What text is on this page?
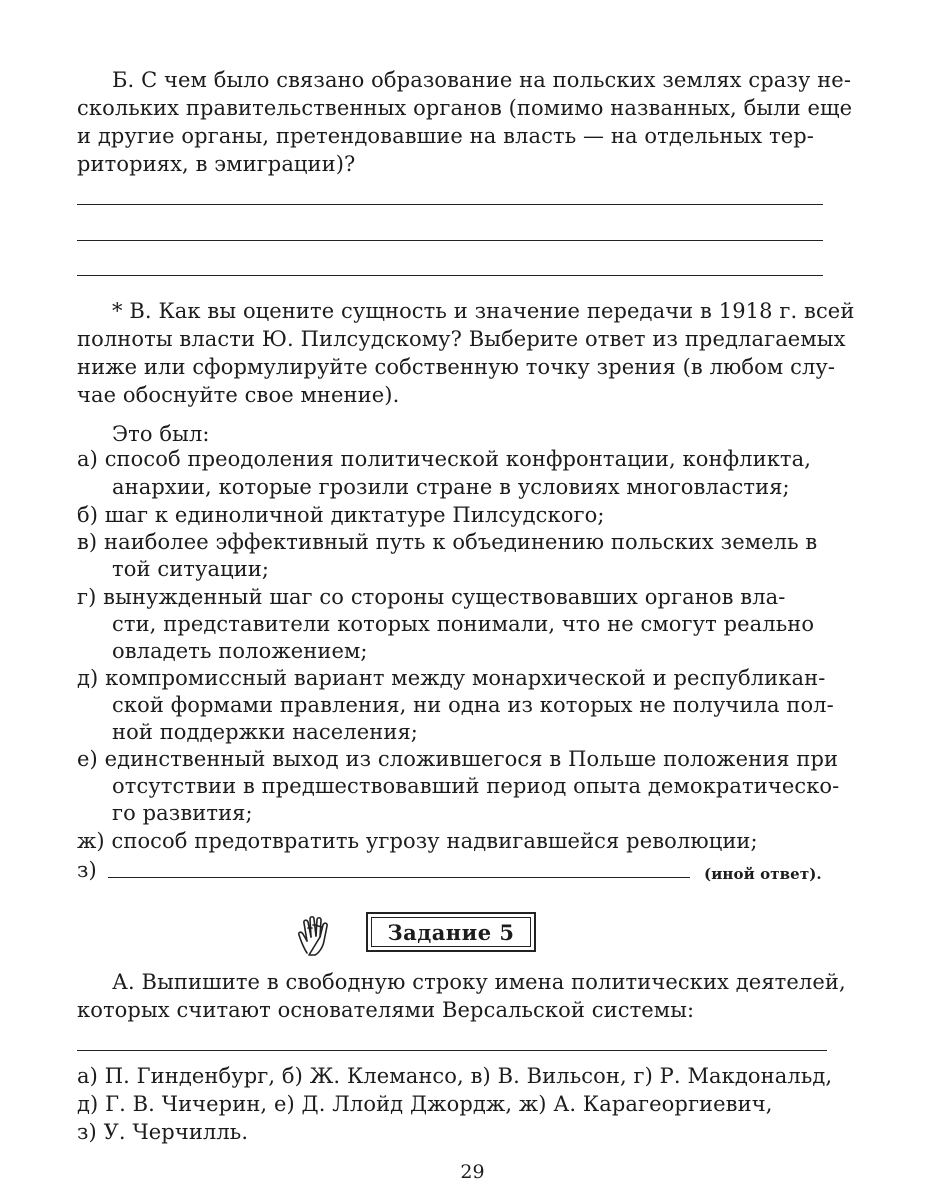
Б. С чем было связано образование на польских землях сразу не-
скольких правительственных органов (помимо названных, были еще
и другие органы, претендовавшие на власть — на отдельных тер-
риториях, в эмиграции)?
* В. Как вы оцените сущность и значение передачи в 1918 г. всей
полноты власти Ю. Пилсудскому? Выберите ответ из предлагаемых
ниже или сформулируйте собственную точку зрения (в любом слу-
чае обоснуйте свое мнение).
Это был:
а) способ преодоления политической конфронтации, конфликта,
анархии, которые грозили стране в условиях многовластия;
б) шаг к единоличной диктатуре Пилсудского;
в) наиболее эффективный путь к объединению польских земель в
той ситуации;
г) вынужденный шаг со стороны существовавших органов вла-
сти, представители которых понимали, что не смогут реально
овладеть положением;
д) компромиссный вариант между монархической и республикан-
ской формами правления, ни одна из которых не получила пол-
ной поддержки населения;
е) единственный выход из сложившегося в Польше положения при
отсутствии в предшествовавший период опыта демократическо-
го развития;
ж) способ предотвратить угрозу надвигавшейся революции;
з)	(иной ответ).
Задание 5
А. Выпишите в свободную строку имена политических деятелей,
которых считают основателями Версальской системы:
а) П. Гинденбург, б) Ж. Клемансо, в) В. Вильсон, г) Р. Макдональд,
д) Г. В. Чичерин, е) Д. Ллойд Джордж, ж) А. Карагеоргиевич,
з) У. Черчилль.
29
